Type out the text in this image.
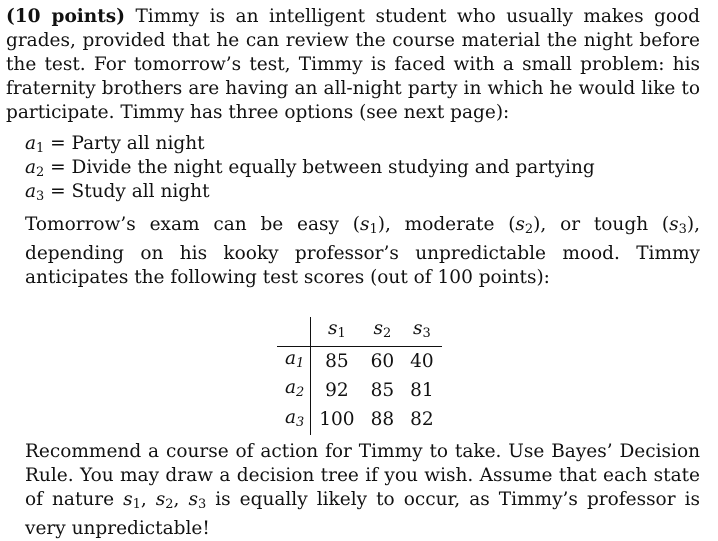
(10 points) Timmy is an intelligent student who usually makes good grades, provided that he can review the course material the night before the test. For tomorrow’s test, Timmy is faced with a small problem: his fraternity brothers are having an all-night party in which he would like to participate. Timmy has three options (see next page):
$a_1$ = Party all night
$a_2$ = Divide the night equally between studying and partying
$a_3$ = Study all night
Tomorrow’s exam can be easy $(s_1)$, moderate $(s_2)$, or tough $(s_3)$, depending on his kooky professor’s unpredictable mood. Timmy anticipates the following test scores (out of 100 points):
	$s_1$	$s_2$	$s_3$
$a_1$	85	60	40
$a_2$	92	85	81
$a_3$	100	88	82
Recommend a course of action for Timmy to take. Use Bayes’ Decision Rule. You may draw a decision tree if you wish. Assume that each state of nature $s_1$, $s_2$, $s_3$ is equally likely to occur, as Timmy’s professor is very unpredictable!
